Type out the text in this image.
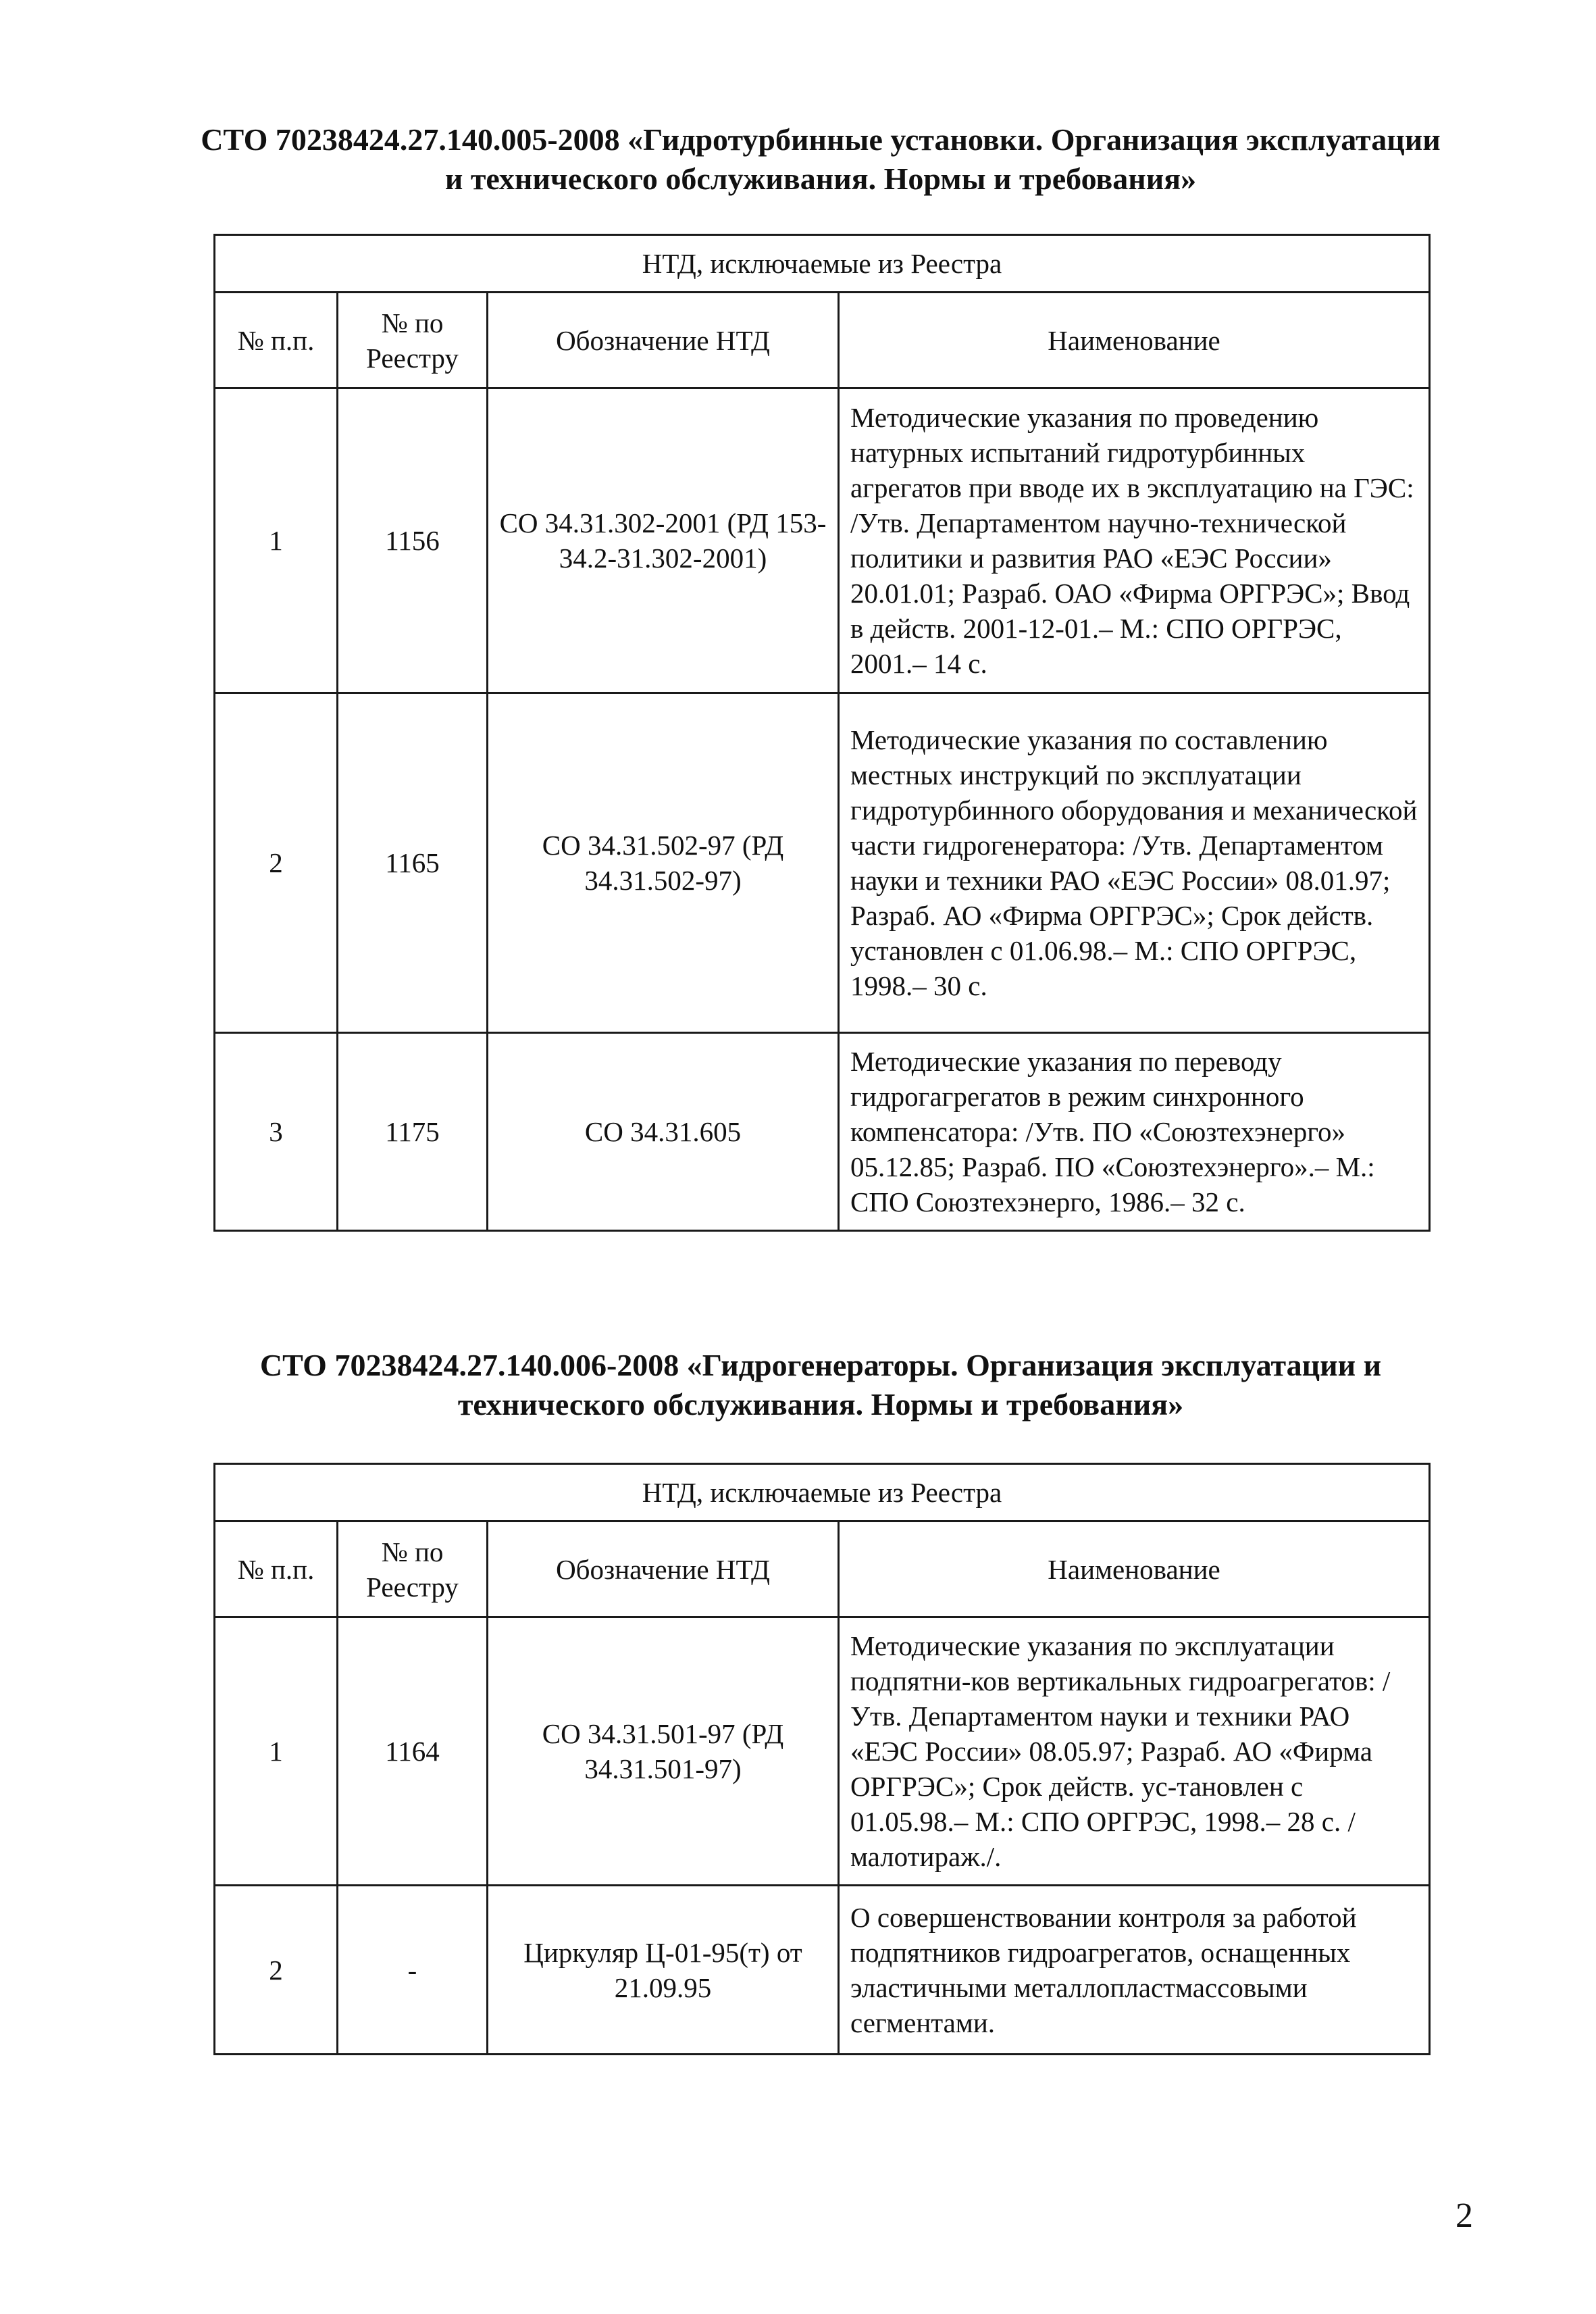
СТО 70238424.27.140.005-2008 «Гидротурбинные установки. Организация эксплуатации и технического обслуживания. Нормы и требования»
НТД, исключаемые из Реестра			
№ п.п.	№ по Реестру	Обозначение НТД	Наименование
1	1156	СО 34.31.302-2001 (РД 153-34.2-31.302-2001)	Методические указания по проведению натурных испытаний гидротурбинных агрегатов при вводе их в эксплуатацию на ГЭС: /Утв. Департаментом научно-технической политики и развития РАО «ЕЭС России» 20.01.01; Разраб. ОАО «Фирма ОРГРЭС»; Ввод в действ. 2001-12-01.– М.: СПО ОРГРЭС, 2001.– 14 с.
2	1165	СО 34.31.502-97 (РД 34.31.502-97)	Методические указания по составлению местных инструкций по эксплуатации гидротурбинного оборудования и механической части гидрогенератора: /Утв. Департаментом науки и техники РАО «ЕЭС России» 08.01.97; Разраб. АО «Фирма ОРГРЭС»; Срок действ. установлен с 01.06.98.– М.: СПО ОРГРЭС, 1998.– 30 с.
3	1175	СО 34.31.605	Методические указания по переводу гидрогагрегатов в режим синхронного компенсатора: /Утв. ПО «Союзтехэнерго» 05.12.85; Разраб. ПО «Союзтехэнерго».– М.: СПО Союзтехэнерго, 1986.– 32 с.
СТО 70238424.27.140.006-2008 «Гидрогенераторы. Организация эксплуатации и технического обслуживания. Нормы и требования»
НТД, исключаемые из Реестра			
№ п.п.	№ по Реестру	Обозначение НТД	Наименование
1	1164	СО 34.31.501-97 (РД 34.31.501-97)	Методические указания по эксплуатации подпятни-ков вертикальных гидроагрегатов: /Утв. Департаментом науки и техники РАО «ЕЭС России» 08.05.97; Разраб. АО «Фирма ОРГРЭС»; Срок действ. ус-тановлен с 01.05.98.– М.: СПО ОРГРЭС, 1998.– 28 с. /малотираж./.
2	-	Циркуляр Ц-01-95(т) от 21.09.95	О совершенствовании контроля за работой подпятников гидроагрегатов, оснащенных эластичными металлопластмассовыми сегментами.
2
